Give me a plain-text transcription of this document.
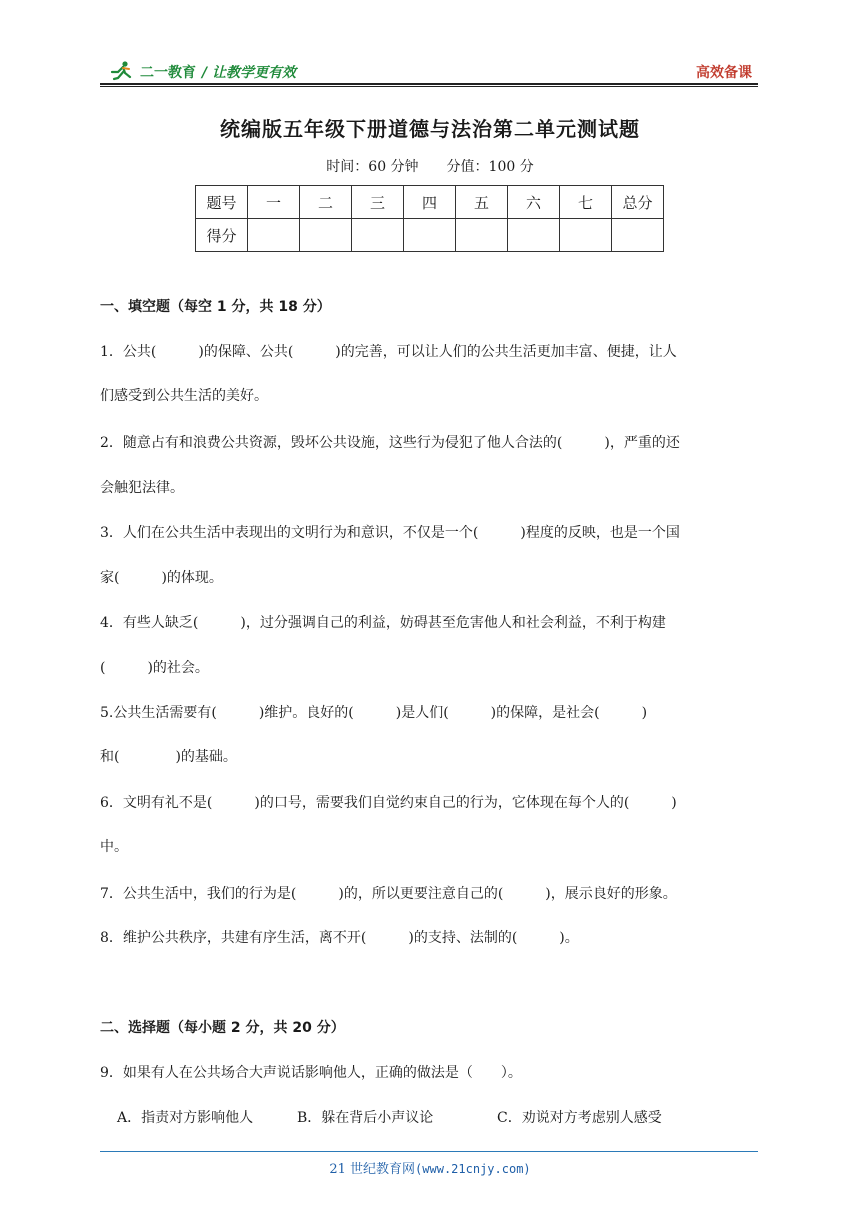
二一教育 / 让教学更有效	高效备课
统编版五年级下册道德与法治第二单元测试题
时间：60 分钟 分值：100 分
题号	一	二	三	四	五	六	七	总分
得分								
一、填空题（每空 1 分，共 18 分）
1．公共(　　　)的保障、公共(　　　)的完善，可以让人们的公共生活更加丰富、便捷，让人
们感受到公共生活的美好。
2．随意占有和浪费公共资源，毁坏公共设施，这些行为侵犯了他人合法的(　　　)，严重的还
会触犯法律。
3．人们在公共生活中表现出的文明行为和意识，不仅是一个(　　　)程度的反映，也是一个国
家(　　　)的体现。
4．有些人缺乏(　　　)，过分强调自己的利益，妨碍甚至危害他人和社会利益，不利于构建
(　　　)的社会。
5.公共生活需要有(　　　)维护。良好的(　　　)是人们(　　　)的保障，是社会(　　　)
和(　　　　)的基础。
6．文明有礼不是(　　　)的口号，需要我们自觉约束自己的行为，它体现在每个人的(　　　)
中。
7．公共生活中，我们的行为是(　　　)的，所以更要注意自己的(　　　)，展示良好的形象。
8．维护公共秩序，共建有序生活，离不开(　　　)的支持、法制的(　　　)。
二、选择题（每小题 2 分，共 20 分）
9．如果有人在公共场合大声说话影响他人，正确的做法是（　　）。
A．指责对方影响他人	B．躲在背后小声议论	C．劝说对方考虑别人感受
21 世纪教育网(www.21cnjy.com)
